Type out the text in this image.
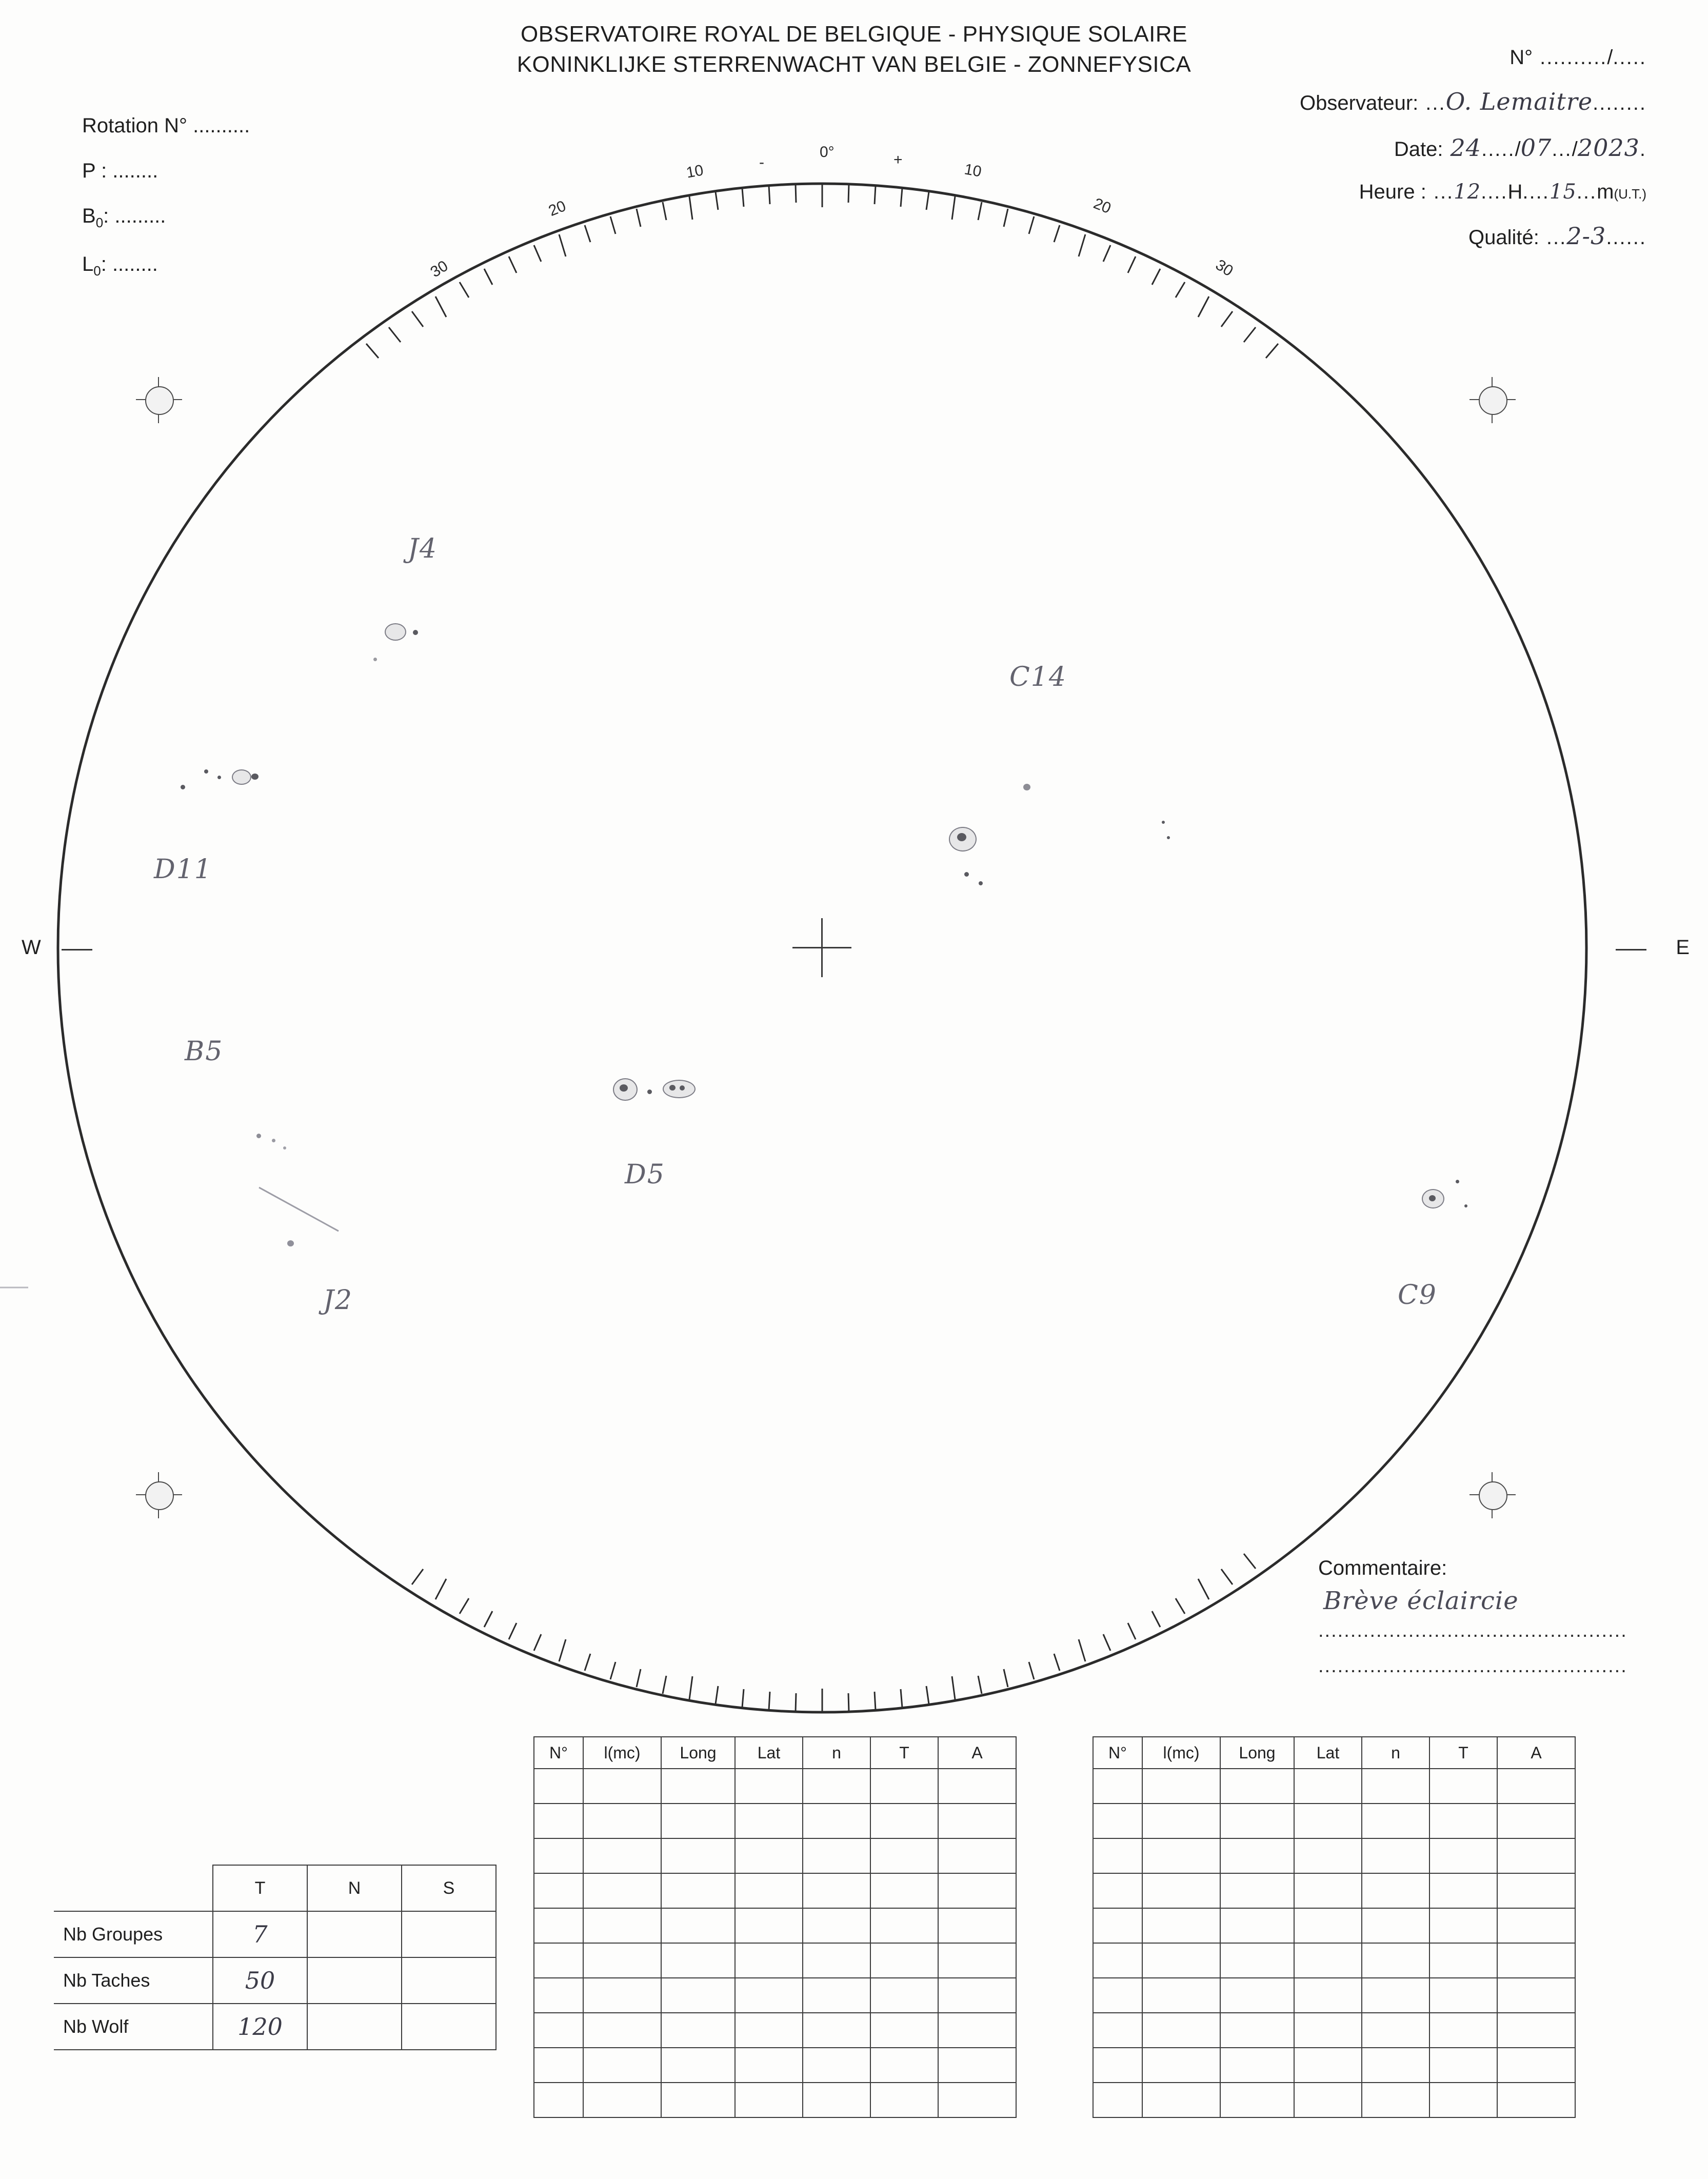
OBSERVATOIRE ROYAL DE BELGIQUE - PHYSIQUE SOLAIRE
KONINKLIJKE STERRENWACHT VAN BELGIE - ZONNEFYSICA
Rotation N° ..........
P : ........
$B_0$: .........
$L_0$: ........
N° .......... / .....
Observateur: ... O. Lemaitre ........
Date: 24 ..... / 07 ... / 2023 .
Heure : ... 12 .... H .... 15 ... m (U.T.)
Qualité: ... 2-3 ......
0°
-	+
10	10
20	20
30	30
W	E
J4
C14
D11
B5
D5
J2	C9
Commentaire:
Brève éclaircie
................................................
................................................
	T	N	S
Nb Groupes	7		
Nb Taches	50		
Nb Wolf	120		
N°	l(mc)	Long	Lat	n	T	A

							N°	l(mc)	Long	Lat	n	T	A
